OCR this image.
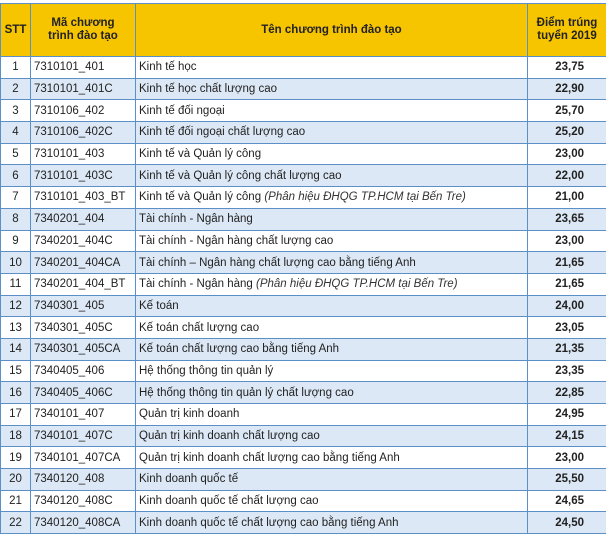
STT	Mã chương trình đào tạo	Tên chương trình đào tạo	Điểm trúng tuyển 2019
1	7310101_401	Kinh tế học	23,75
2	7310101_401C	Kinh tế học chất lượng cao	22,90
3	7310106_402	Kinh tế đối ngoại	25,70
4	7310106_402C	Kinh tế đối ngoại chất lượng cao	25,20
5	7310101_403	Kinh tế và Quản lý công	23,00
6	7310101_403C	Kinh tế và Quản lý công chất lượng cao	22,00
7	7310101_403_BT	Kinh tế và Quản lý công (Phân hiệu ĐHQG TP.HCM tại Bến Tre)	21,00
8	7340201_404	Tài chính - Ngân hàng	23,65
9	7340201_404C	Tài chính - Ngân hàng chất lượng cao	23,00
10	7340201_404CA	Tài chính – Ngân hàng chất lượng cao bằng tiếng Anh	21,65
11	7340201_404_BT	Tài chính - Ngân hàng (Phân hiệu ĐHQG TP.HCM tại Bến Tre)	21,65
12	7340301_405	Kế toán	24,00
13	7340301_405C	Kế toán chất lượng cao	23,05
14	7340301_405CA	Kế toán chất lượng cao bằng tiếng Anh	21,35
15	7340405_406	Hệ thống thông tin quản lý	23,35
16	7340405_406C	Hệ thống thông tin quản lý chất lượng cao	22,85
17	7340101_407	Quản trị kinh doanh	24,95
18	7340101_407C	Quản trị kinh doanh chất lượng cao	24,15
19	7340101_407CA	Quản trị kinh doanh chất lượng cao bằng tiếng Anh	23,00
20	7340120_408	Kinh doanh quốc tế	25,50
21	7340120_408C	Kinh doanh quốc tế chất lượng cao	24,65
22	7340120_408CA	Kinh doanh quốc tế chất lượng cao bằng tiếng Anh	24,50
